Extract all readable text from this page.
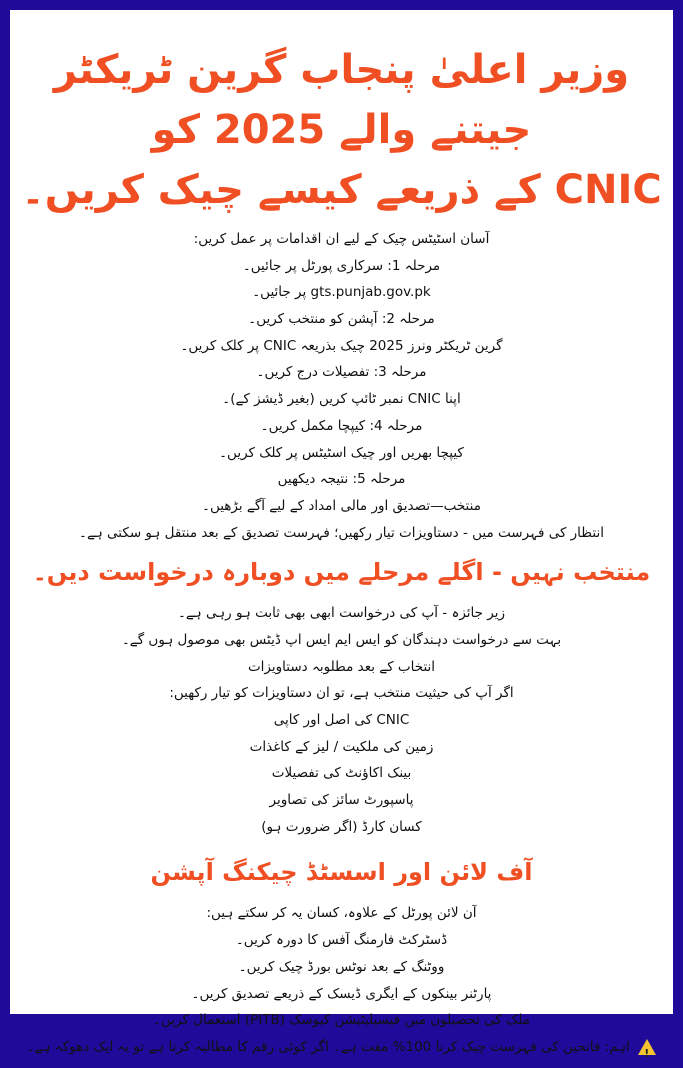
وزیر اعلیٰ پنجاب گرین ٹریکٹر جیتنے والے 2025 کو
CNIC کے ذریعے کیسے چیک کریں۔
آسان اسٹیٹس چیک کے لیے ان اقدامات پر عمل کریں:
مرحلہ 1: سرکاری پورٹل پر جائیں۔
gts.punjab.gov.pk پر جائیں۔
مرحلہ 2: آپشن کو منتخب کریں۔
گرین ٹریکٹر ونرز 2025 چیک بذریعہ CNIC پر کلک کریں۔
مرحلہ 3: تفصیلات درج کریں۔
اپنا CNIC نمبر ٹائپ کریں (بغیر ڈیشز کے)۔
مرحلہ 4: کیپچا مکمل کریں۔
کیپچا بھریں اور چیک اسٹیٹس پر کلک کریں۔
مرحلہ 5: نتیجہ دیکھیں
منتخب—تصدیق اور مالی امداد کے لیے آگے بڑھیں۔
انتظار کی فہرست میں - دستاویزات تیار رکھیں؛ فہرست تصدیق کے بعد منتقل ہو سکتی ہے۔
منتخب نہیں - اگلے مرحلے میں دوبارہ درخواست دیں۔
زیر جائزہ - آپ کی درخواست ابھی بھی ثابت ہو رہی ہے۔
بہت سے درخواست دہندگان کو ایس ایم ایس اپ ڈیٹس بھی موصول ہوں گے۔
انتخاب کے بعد مطلوبہ دستاویزات
اگر آپ کی حیثیت منتخب ہے، تو ان دستاویزات کو تیار رکھیں:
CNIC کی اصل اور کاپی
زمین کی ملکیت / لیز کے کاغذات
بینک اکاؤنٹ کی تفصیلات
پاسپورٹ سائز کی تصاویر
کسان کارڈ (اگر ضرورت ہو)
آف لائن اور اسسٹڈ چیکنگ آپشن
آن لائن پورٹل کے علاوہ، کسان یہ کر سکتے ہیں:
ڈسٹرکٹ فارمنگ آفس کا دورہ کریں۔
ووٹنگ کے بعد نوٹس بورڈ چیک کریں۔
پارٹنر بینکوں کے ایگری ڈیسک کے ذریعے تصدیق کریں۔
ملک کی تحصیلوں میں فیسیلیٹیشن کیوسک (PITB) استعمال کریں۔
! اہم: فاتحین کی فہرست چیک کرنا 100% مفت ہے۔ اگر کوئی رقم کا مطالبہ کرتا ہے تو یہ ایک دھوکہ ہے۔
